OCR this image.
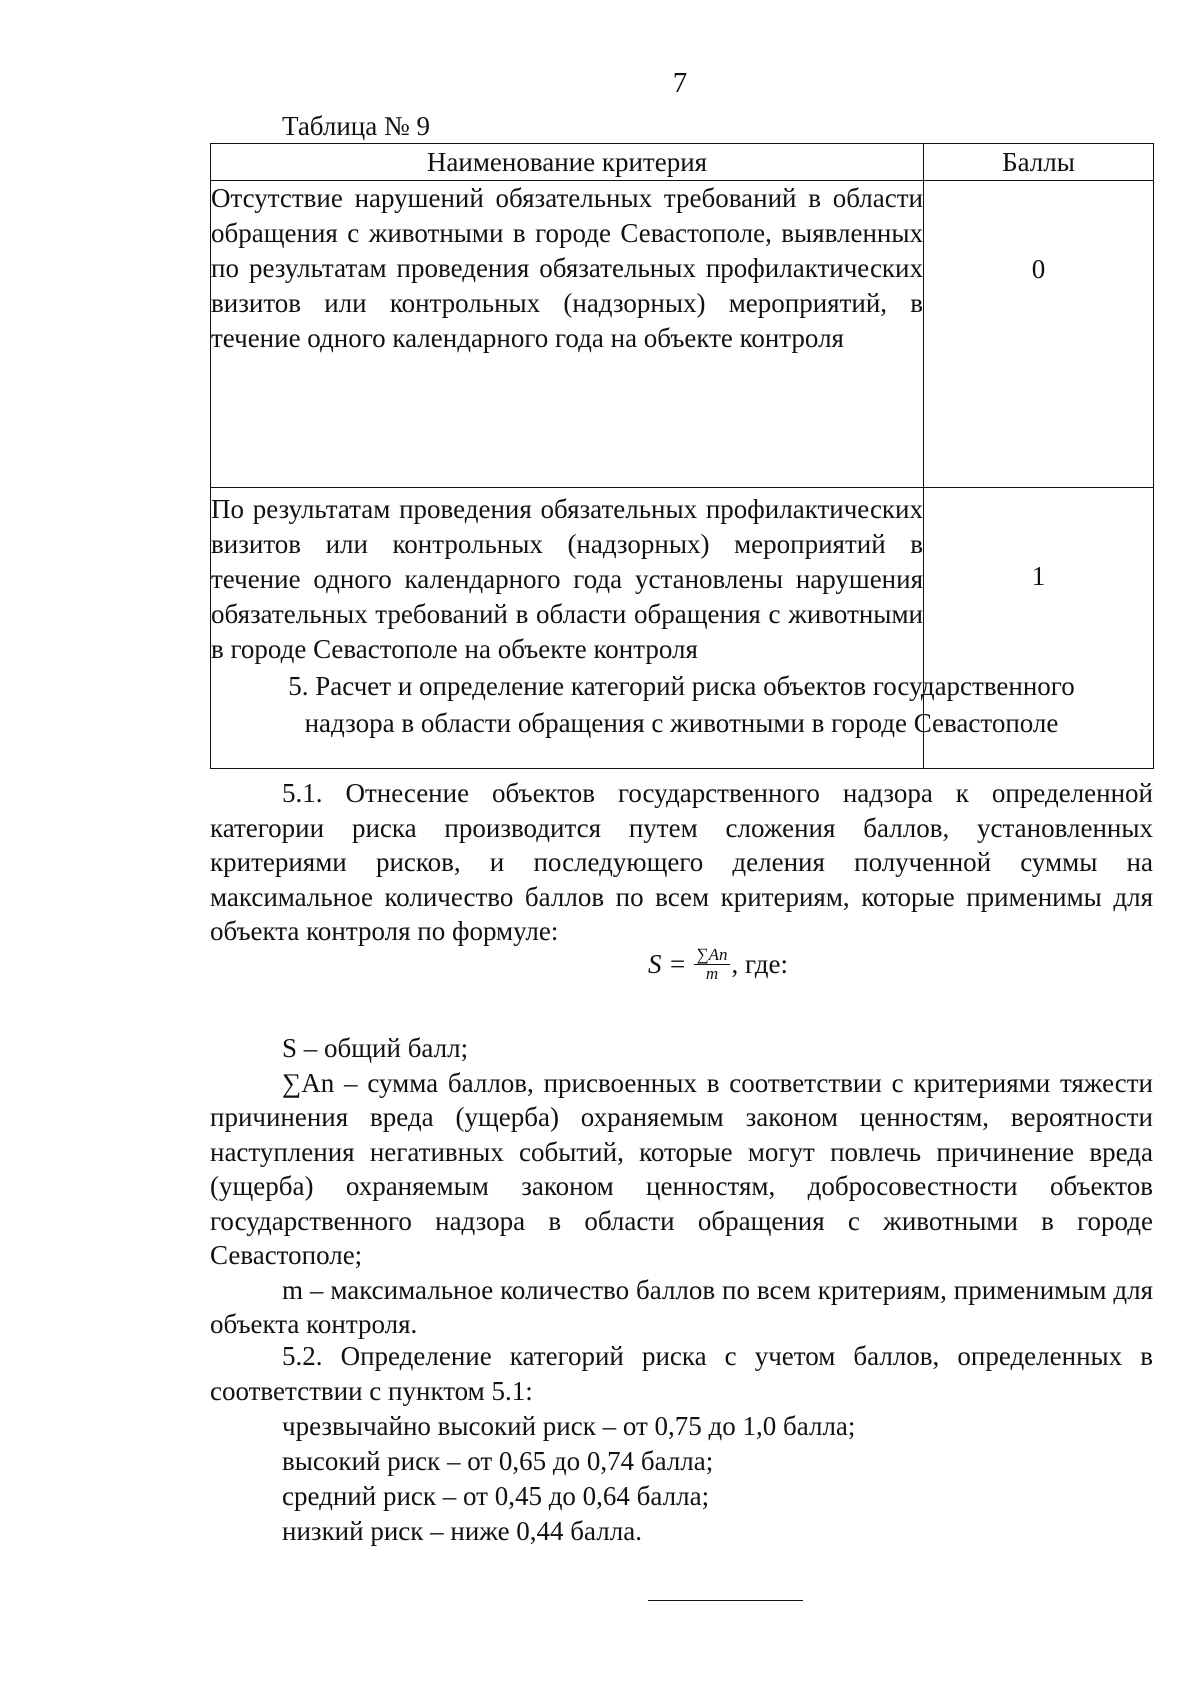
7
Таблица № 9
Наименование критерия	Баллы
Отсутствие нарушений обязательных требований в области обращения с животными в городе Севастополе, выявленных по результатам проведения обязательных профилактических визитов или контрольных (надзорных) мероприятий, в течение одного календарного года на объекте контроля	0
По результатам проведения обязательных профилактических визитов или контрольных (надзорных) мероприятий в течение одного календарного года установлены нарушения обязательных требований в области обращения с животными в городе Севастополе на объекте контроля	1
5. Расчет и определение категорий риска объектов государственного
надзора в области обращения с животными в городе Севастополе

5.1. Отнесение объектов государственного надзора к определенной категории риска производится путем сложения баллов, установленных критериями рисков, и последующего деления полученной суммы на максимальное количество баллов по всем критериям, которые применимы для объекта контроля по формуле:

$S = \frac{\sum An}{m}$ , где:

S – общий балл;

∑An – сумма баллов, присвоенных в соответствии с критериями тяжести причинения вреда (ущерба) охраняемым законом ценностям, вероятности наступления негативных событий, которые могут повлечь причинение вреда (ущерба) охраняемым законом ценностям, добросовестности объектов государственного надзора в области обращения с животными в городе Севастополе;

m – максимальное количество баллов по всем критериям, применимым для объекта контроля.

5.2. Определение категорий риска с учетом баллов, определенных в соответствии с пунктом 5.1:

чрезвычайно высокий риск – от 0,75 до 1,0 балла;
высокий риск – от 0,65 до 0,74 балла;
средний риск – от 0,45 до 0,64 балла;
низкий риск – ниже 0,44 балла.
